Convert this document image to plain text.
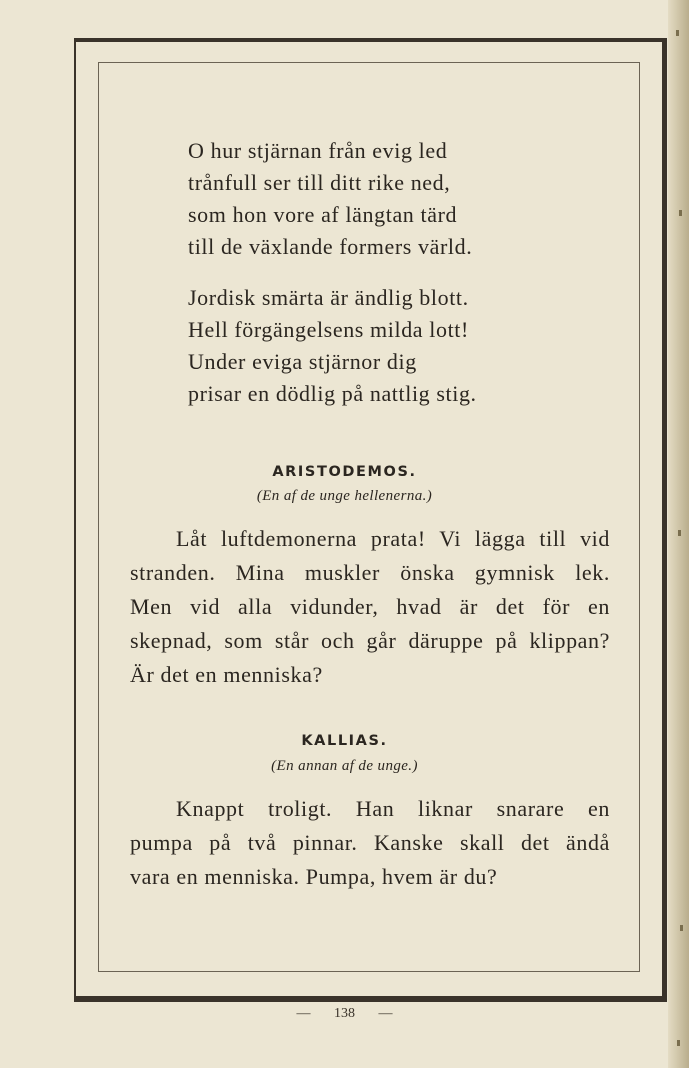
O hur stjärnan från evig led
trånfull ser till ditt rike ned,
som hon vore af längtan tärd
till de växlande formers värld.
Jordisk smärta är ändlig blott.
Hell förgängelsens milda lott!
Under eviga stjärnor dig
prisar en dödlig på nattlig stig.
ARISTODEMOS.
(En af de unge hellenerna.)
Låt luftdemonerna prata! Vi lägga till vid
stranden. Mina muskler önska gymnisk lek.
Men vid alla vidunder, hvad är det för en
skepnad, som står och går däruppe på klippan?
Är det en menniska?
KALLIAS.
(En annan af de unge.)
Knappt troligt. Han liknar snarare en
pumpa på två pinnar. Kanske skall det ändå
vara en menniska. Pumpa, hvem är du?
— 138 —
